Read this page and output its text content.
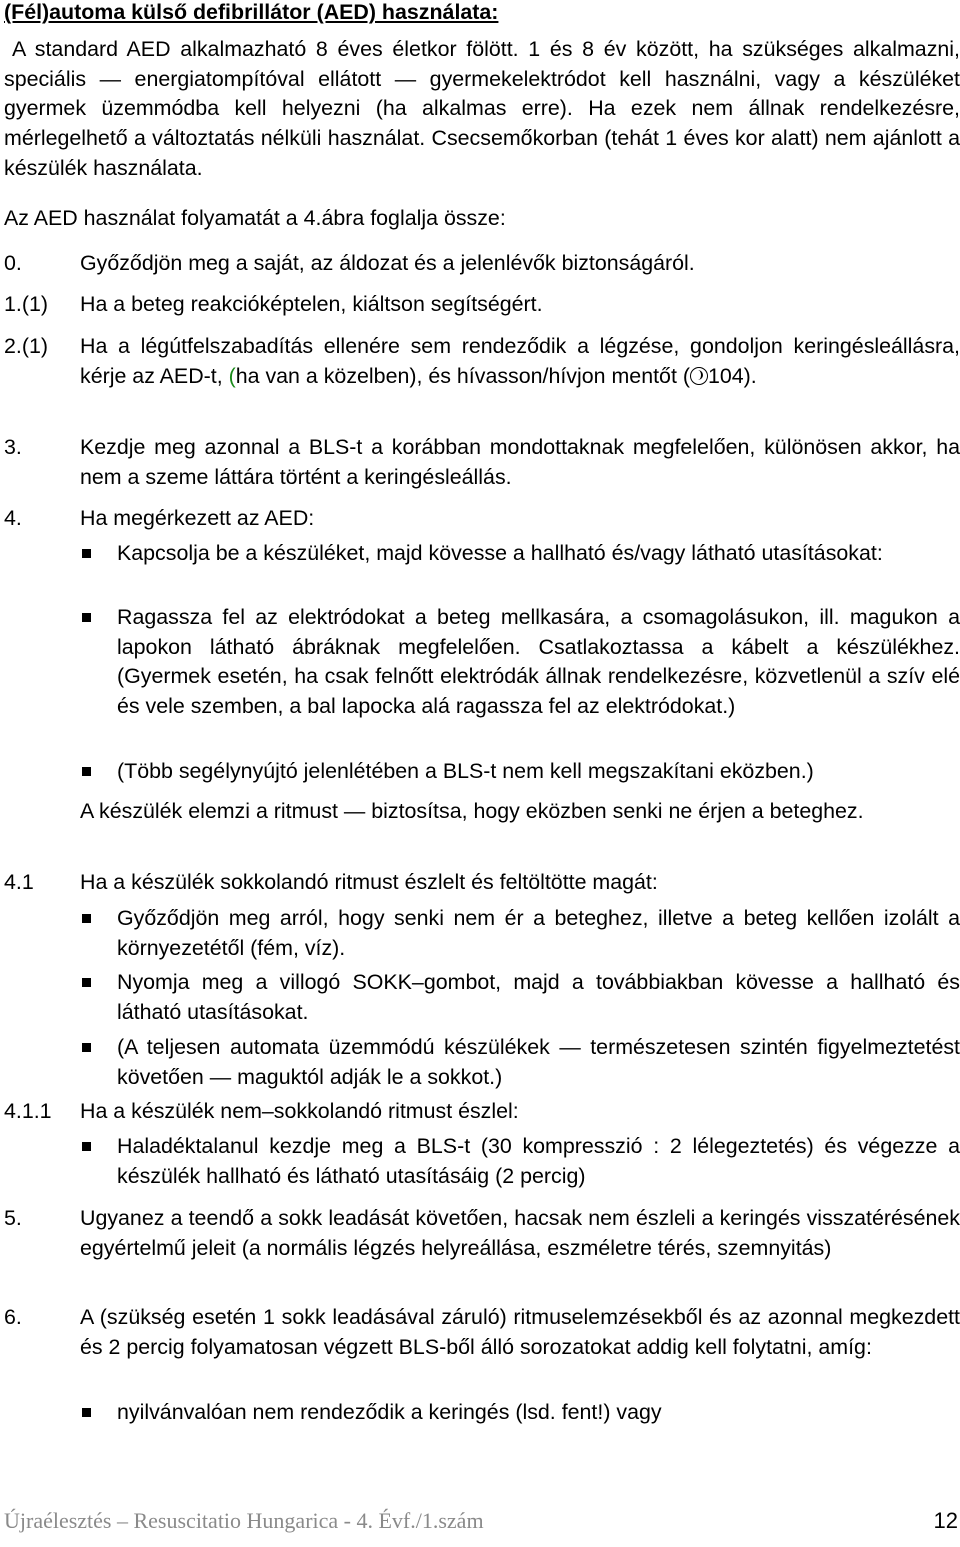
(Fél)automa külső defibrillátor (AED) használata:
A standard AED alkalmazható 8 éves életkor fölött. 1 és 8 év között, ha szükséges alkalmazni, speciális — energiatompítóval ellátott — gyermekelektródot kell használni, vagy a készüléket gyermek üzemmódba kell helyezni (ha alkalmas erre). Ha ezek nem állnak rendelkezésre, mérlegelhető a változtatás nélküli használat. Csecsemőkorban (tehát 1 éves kor alatt) nem ajánlott a készülék használata.
Az AED használat folyamatát a 4.ábra foglalja össze:
0.	Győződjön meg a saját, az áldozat és a jelenlévők biztonságáról.
1.(1) Ha a beteg reakcióképtelen, kiáltson segítségért.
2.(1) Ha a légútfelszabadítás ellenére sem rendeződik a légzése, gondoljon keringésleállásra, kérje az AED-t, (ha van a közelben), és hívasson/hívjon mentőt ( 104).
3.	Kezdje meg azonnal a BLS-t a korábban mondottaknak megfelelően, különösen akkor, ha nem a szeme láttára történt a keringésleállás.
4.	Ha megérkezett az AED:
Kapcsolja be a készüléket, majd kövesse a hallható és/vagy látható utasításokat:
Ragassza fel az elektródokat a beteg mellkasára, a csomagolásukon, ill. magukon a lapokon látható ábráknak megfelelően. Csatlakoztassa a kábelt a készülékhez. (Gyermek esetén, ha csak felnőtt elektródák állnak rendelkezésre, közvetlenül a szív elé és vele szemben, a bal lapocka alá ragassza fel az elektródokat.)
(Több segélynyújtó jelenlétében a BLS-t nem kell megszakítani eközben.)
A készülék elemzi a ritmust — biztosítsa, hogy eközben senki ne érjen a beteghez.
4.1 Ha a készülék sokkolandó ritmust észlelt és feltöltötte magát:
Győződjön meg arról, hogy senki nem ér a beteghez, illetve a beteg kellően izolált a környezetétől (fém, víz).
Nyomja meg a villogó SOKK–gombot, majd a továbbiakban kövesse a hallható és látható utasításokat.
(A teljesen automata üzemmódú készülékek — természetesen szintén figyelmeztetést követően — maguktól adják le a sokkot.)
4.1.1 Ha a készülék nem–sokkolandó ritmust észlel:
Haladéktalanul kezdje meg a BLS-t (30 kompresszió : 2 lélegeztetés) és végezze a készülék hallható és látható utasításáig (2 percig)
5.	Ugyanez a teendő a sokk leadását követően, hacsak nem észleli a keringés visszatérésének egyértelmű jeleit (a normális légzés helyreállása, eszméletre térés, szemnyitás)
6.	A (szükség esetén 1 sokk leadásával záruló) ritmuselemzésekből és az azonnal megkezdett és 2 percig folyamatosan végzett BLS-ből álló sorozatokat addig kell folytatni, amíg:
nyilvánvalóan nem rendeződik a keringés (lsd. fent!) vagy
Újraélesztés – Resuscitatio Hungarica - 4. Évf./1.szám	12
